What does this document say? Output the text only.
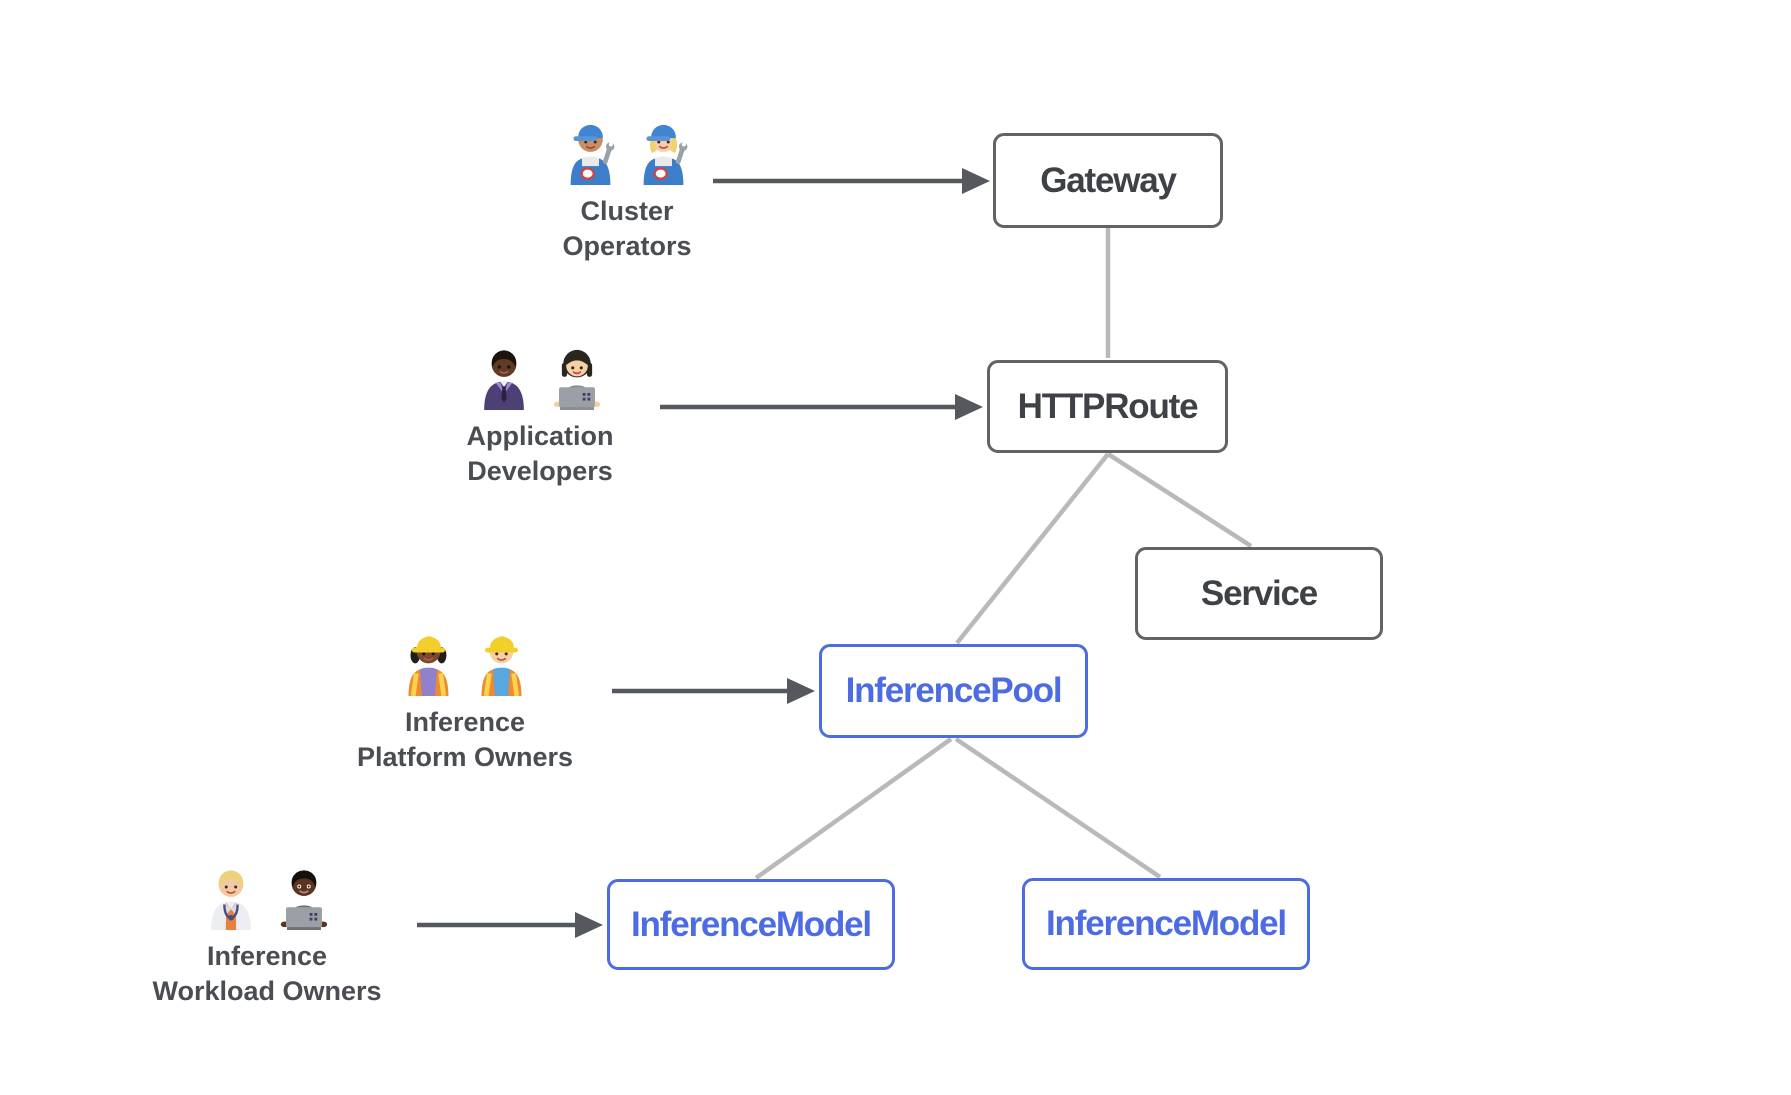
Gateway
HTTPRoute
Service
InferencePool
InferenceModel	InferenceModel
Cluster
Operators
Application
Developers
Inference
Platform Owners
Inference
Workload Owners
